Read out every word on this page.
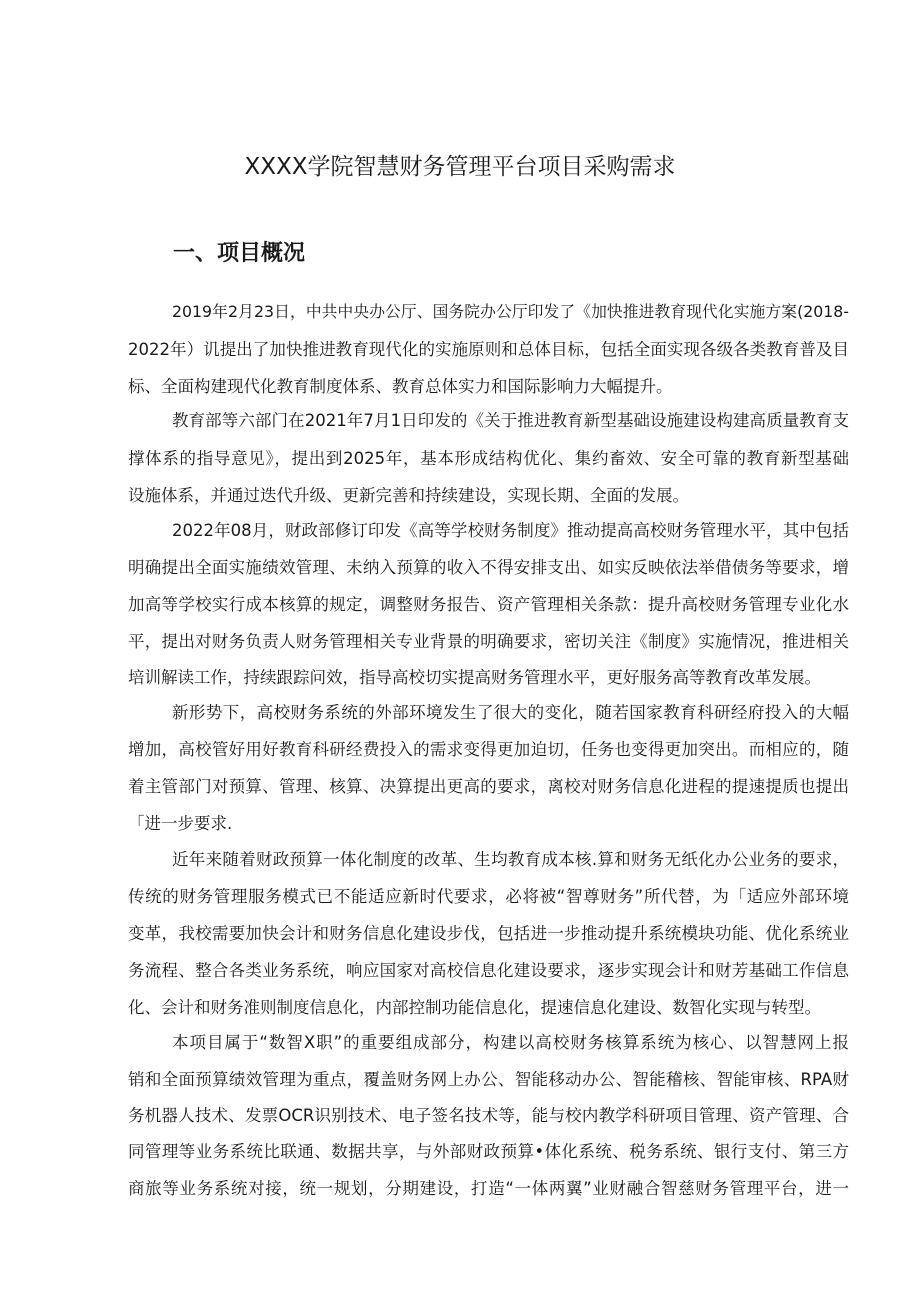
XXXX学院智慧财务管理平台项目采购需求
一、项目概况

2019年2月23日，中共中央办公厅、国务院办公厅印发了《加快推进教育现代化实施方案(2018-

2022年）讥提出了加快推进教育现代化的实施原则和总体目标，包括全面实现各级各类教育普及目

标、全面构建现代化教育制度体系、教育总体实力和国际影响力大幅提升。

教育部等六部门在2021年7月1日印发的《关于推进教育新型基础设施建设构建高质量教育支

撑体系的指导意见》，提出到2025年，基本形成结构优化、集约畜效、安全可靠的教育新型基础

设施体系，并通过迭代升级、更新完善和持续建设，实现长期、全面的发展。

2022年08月，财政部修订印发《高等学校财务制度》推动提高高校财务管理水平，其中包括

明确提出全面实施绩效管理、未纳入预算的收入不得安排支出、如实反映依法举借债务等要求，增

加高等学校实行成本核算的规定，调整财务报告、资产管理相关条款：提升高校财务管理专业化水

平，提出对财务负责人财务管理相关专业背景的明确要求，密切关注《制度》实施情况，推进相关

培训解读工作，持续跟踪问效，指导高校切实提高财务管理水平，更好服务高等教育改革发展。

新形势下，高校财务系统的外部环境发生了很大的变化，随若国家教育科研经府投入的大幅

增加，高校管好用好教育科研经费投入的需求变得更加迫切，任务也变得更加突出。而相应的，随

着主管部门对预算、管理、核算、决算提出更高的要求，离校对财务信息化进程的提速提质也提出

「进一步要求.

近年来随着财政预算一体化制度的改革、生均教育成本核.算和财务无纸化办公业务的要求，

传统的财务管理服务模式已不能适应新时代要求，必将被“智尊财务”所代替，为「适应外部环境

变革，我校需要加快会计和财务信息化建设步伐，包括进一步推动提升系统模块功能、优化系统业

务流程、整合各类业务系统，响应国家对高校信息化建设要求，逐步实现会计和财芳基础工作信息

化、会计和财务准则制度信息化，内部控制功能信息化，提速信息化建设、数智化实现与转型。

本项目属于“数智X职”的重要组成部分，构建以高校财务核算系统为核心、以智慧网上报

销和全面预算绩效管理为重点，覆盖财务网上办公、智能移动办公、智能稽核、智能审核、RPA财

务机器人技术、发票OCR识别技术、电子签名技术等，能与校内教学科研项目管理、资产管理、合

同管理等业务系统比联通、数据共享，与外部财政预算•体化系统、税务系统、银行支付、第三方

商旅等业务系统对接，统一规划，分期建设，打造“一体两翼”业财融合智慈财务管理平台，进一
